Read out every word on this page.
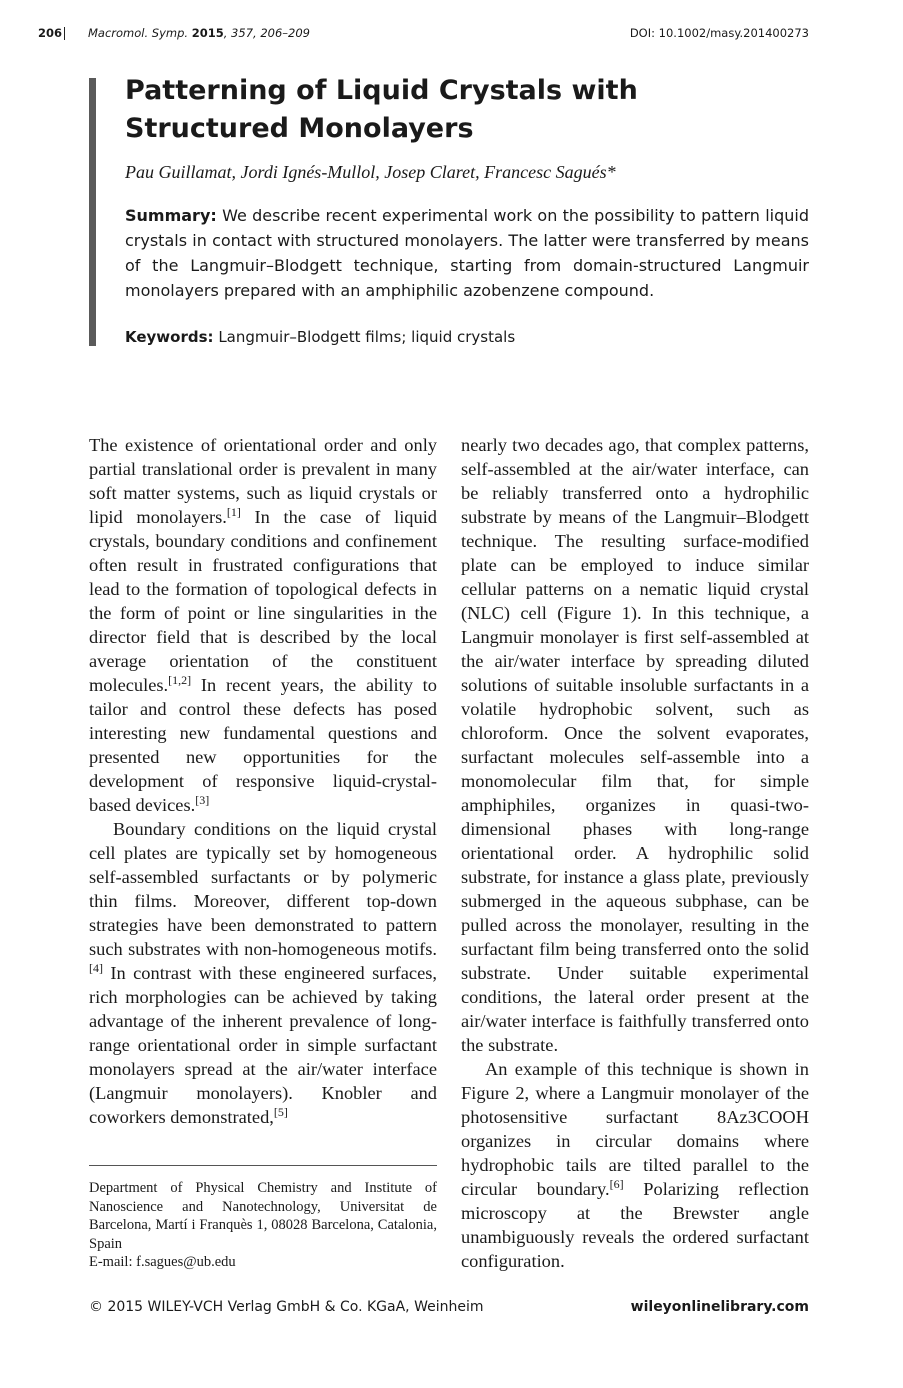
206 Macromol. Symp. 2015, 357, 206–209	DOI: 10.1002/masy.201400273
Patterning of Liquid Crystals with Structured Monolayers
Pau Guillamat, Jordi Ignés-Mullol, Josep Claret, Francesc Sagués*
Summary: We describe recent experimental work on the possibility to pattern liquid crystals in contact with structured monolayers. The latter were transferred by means of the Langmuir–Blodgett technique, starting from domain-structured Langmuir monolayers prepared with an amphiphilic azobenzene compound.
Keywords: Langmuir–Blodgett films; liquid crystals

The existence of orientational order and only partial translational order is prevalent in many soft matter systems, such as liquid crystals or lipid monolayers.[1] In the case of liquid crystals, boundary conditions and confinement often result in frustrated configurations that lead to the formation of topological defects in the form of point or line singularities in the director field that is described by the local average orientation of the constituent molecules.[1,2] In recent years, the ability to tailor and control these defects has posed interesting new fundamental questions and presented new opportunities for the development of responsive liquid-crystal-based devices.[3]

Boundary conditions on the liquid crystal cell plates are typically set by homogeneous self-assembled surfactants or by polymeric thin films. Moreover, different top-down strategies have been demonstrated to pattern such substrates with non-homogeneous motifs.[4] In contrast with these engineered surfaces, rich morphologies can be achieved by taking advantage of the inherent prevalence of long-range orientational order in simple surfactant monolayers spread at the air/water interface (Langmuir monolayers). Knobler and coworkers demonstrated,[5]

nearly two decades ago, that complex patterns, self-assembled at the air/water interface, can be reliably transferred onto a hydrophilic substrate by means of the Langmuir–Blodgett technique. The resulting surface-modified plate can be employed to induce similar cellular patterns on a nematic liquid crystal (NLC) cell (Figure 1). In this technique, a Langmuir monolayer is first self-assembled at the air/water interface by spreading diluted solutions of suitable insoluble surfactants in a volatile hydrophobic solvent, such as chloroform. Once the solvent evaporates, surfactant molecules self-assemble into a monomolecular film that, for simple amphiphiles, organizes in quasi-two-dimensional phases with long-range orientational order. A hydrophilic solid substrate, for instance a glass plate, previously submerged in the aqueous subphase, can be pulled across the monolayer, resulting in the surfactant film being transferred onto the solid substrate. Under suitable experimental conditions, the lateral order present at the air/water interface is faithfully transferred onto the substrate.

An example of this technique is shown in Figure 2, where a Langmuir monolayer of the photosensitive surfactant 8Az3COOH organizes in circular domains where hydrophobic tails are tilted parallel to the circular boundary.[6] Polarizing reflection microscopy at the Brewster angle unambiguously reveals the ordered surfactant configuration.

Department of Physical Chemistry and Institute of Nanoscience and Nanotechnology, Universitat de Barcelona, Martí i Franquès 1, 08028 Barcelona, Catalonia, Spain

E-mail: f.sagues@ub.edu

© 2015 WILEY-VCH Verlag GmbH & Co. KGaA, Weinheim	wileyonlinelibrary.com
